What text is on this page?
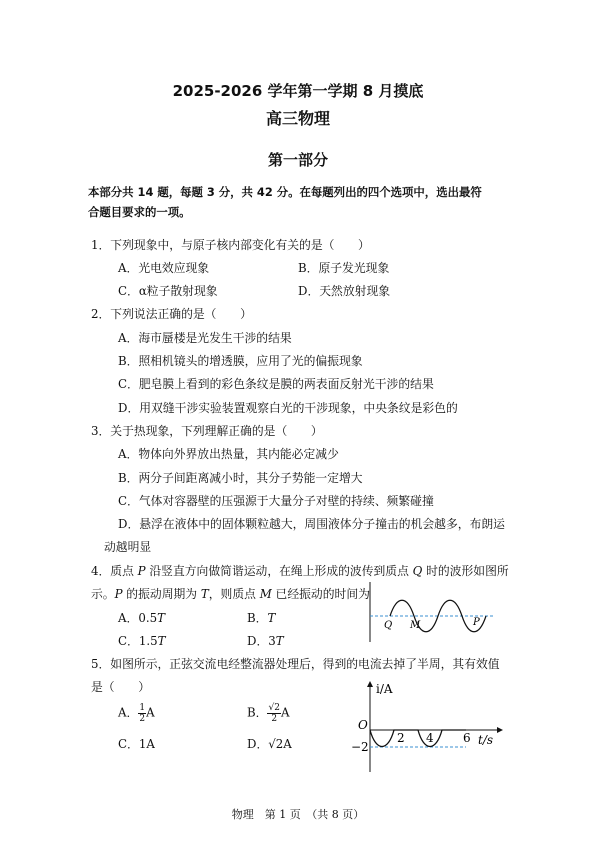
2025-2026 学年第一学期 8 月摸底
高三物理
第一部分
本部分共 14 题，每题 3 分，共 42 分。在每题列出的四个选项中，选出最符
合题目要求的一项。
1．下列现象中，与原子核内部变化有关的是（　　）
A．光电效应现象	B．原子发光现象
C．α粒子散射现象	D．天然放射现象
2．下列说法正确的是（　　）
A．海市蜃楼是光发生干涉的结果
B．照相机镜头的增透膜，应用了光的偏振现象
C．肥皂膜上看到的彩色条纹是膜的两表面反射光干涉的结果
D．用双缝干涉实验装置观察白光的干涉现象，中央条纹是彩色的
3．关于热现象，下列理解正确的是（　　）
A．物体向外界放出热量，其内能必定减少
B．两分子间距离减小时，其分子势能一定增大
C．气体对容器壁的压强源于大量分子对壁的持续、频繁碰撞
D．悬浮在液体中的固体颗粒越大，周围液体分子撞击的机会越多，布朗运
动越明显
4．质点 P 沿竖直方向做简谐运动，在绳上形成的波传到质点 Q 时的波形如图所
示。P 的振动周期为 T，则质点 M 已经振动的时间为
A．0.5T	B．T
C．1.5T	D．3T
Q M	P
5．如图所示，正弦交流电经整流器处理后，得到的电流去掉了半周，其有效值
是（　　）
A． $\frac{1}{2}$ A	B． $\frac{√2}{2}$ A
C．1A	D．√2A
i/A
O
−2
2 4 6 t/s
物理　第 1 页　（共 8 页）
